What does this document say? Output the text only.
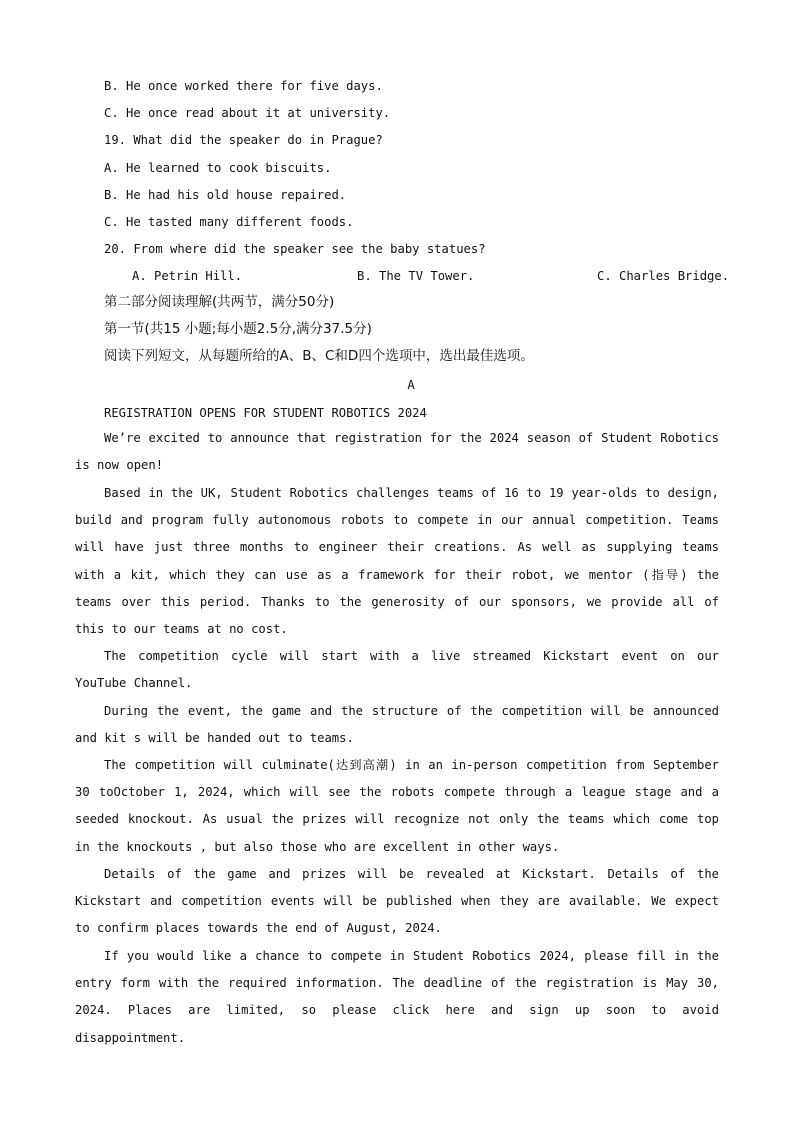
B. He once worked there for five days.
C. He once read about it at university.
19. What did the speaker do in Prague?
A. He learned to cook biscuits.
B. He had his old house repaired.
C. He tasted many different foods.
20. From where did the speaker see the baby statues?
A. Petrin Hill.	B. The TV Tower.	C. Charles Bridge.
第二部分阅读理解(共两节，满分50分)
第一节(共15 小题;每小题2.5分,满分37.5分)
阅读下列短文，从每题所给的A、B、C和D四个选项中，选出最佳选项。
A
REGISTRATION OPENS FOR STUDENT ROBOTICS 2024

We’re excited to announce that registration for the 2024 season of Student Robotics is now open!

Based in the UK, Student Robotics challenges teams of 16 to 19 year-olds to design, build and program fully autonomous robots to compete in our annual competition. Teams will have just three months to engineer their creations. As well as supplying teams with a kit, which they can use as a framework for their robot, we mentor (指导) the teams over this period. Thanks to the generosity of our sponsors, we provide all of this to our teams at no cost.

The competition cycle will start with a live streamed Kickstart event on our YouTube Channel.

During the event, the game and the structure of the competition will be announced and kit s will be handed out to teams.

The competition will culminate(达到高潮) in an in-person competition from September 30 toOctober 1, 2024, which will see the robots compete through a league stage and a seeded knockout. As usual the prizes will recognize not only the teams which come top in the knockouts , but also those who are excellent in other ways.

Details of the game and prizes will be revealed at Kickstart. Details of the Kickstart and competition events will be published when they are available. We expect to confirm places towards the end of August, 2024.

If you would like a chance to compete in Student Robotics 2024, please fill in the entry form with the required information. The deadline of the registration is May 30, 2024. Places are limited, so please click here and sign up soon to avoid disappointment.
